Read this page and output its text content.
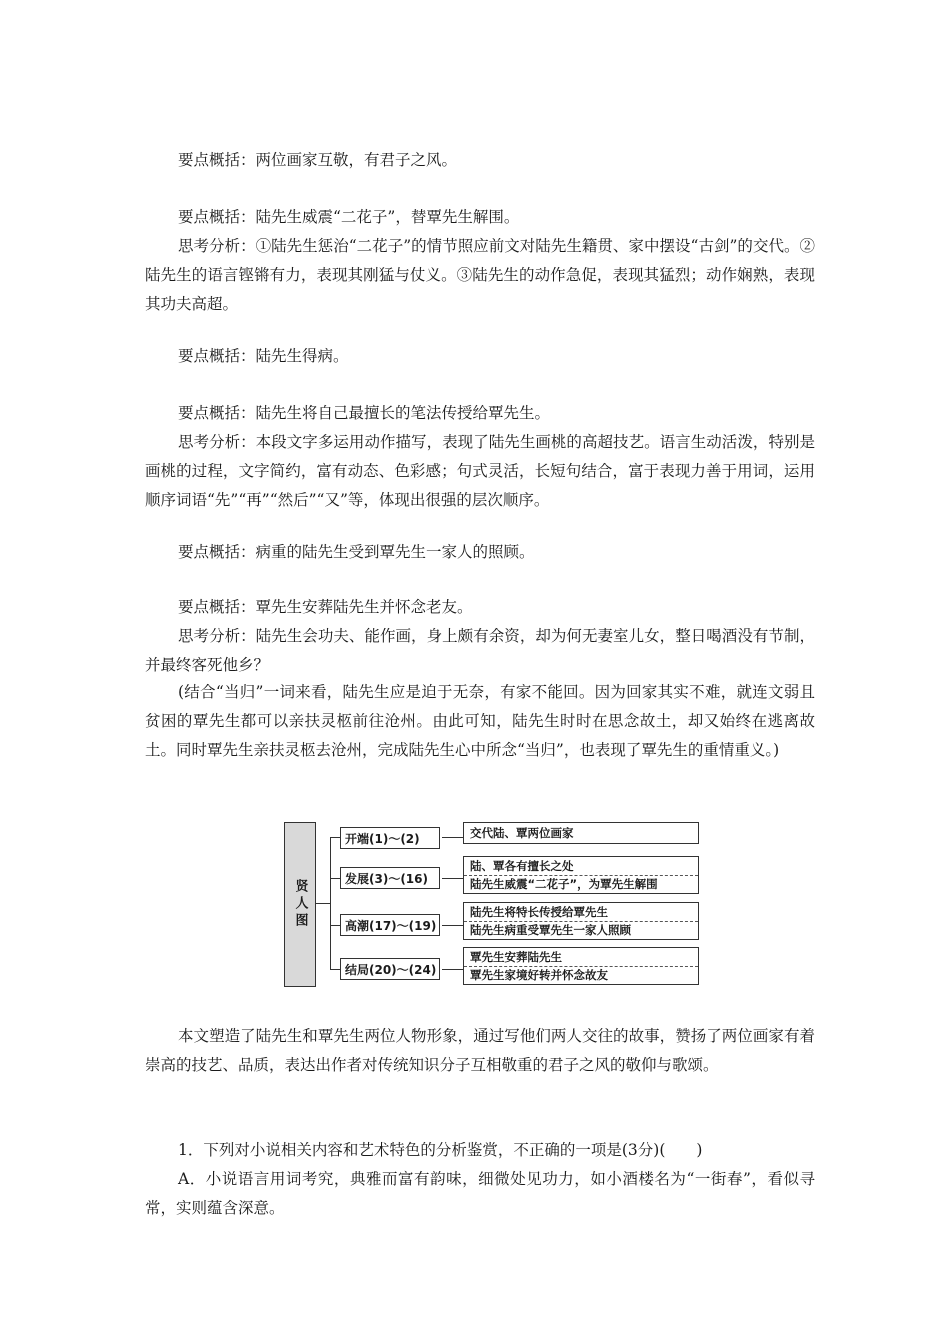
要点概括：两位画家互敬，有君子之风。

要点概括：陆先生威震“二花子”，替覃先生解围。

思考分析：①陆先生惩治“二花子”的情节照应前文对陆先生籍贯、家中摆设“古剑”的交代。②陆先生的语言铿锵有力，表现其刚猛与仗义。③陆先生的动作急促，表现其猛烈；动作娴熟，表现其功夫高超。

要点概括：陆先生得病。

要点概括：陆先生将自己最擅长的笔法传授给覃先生。

思考分析：本段文字多运用动作描写，表现了陆先生画桃的高超技艺。语言生动活泼，特别是画桃的过程，文字简约，富有动态、色彩感；句式灵活，长短句结合，富于表现力善于用词，运用顺序词语“先”“再”“然后”“又”等，体现出很强的层次顺序。

要点概括：病重的陆先生受到覃先生一家人的照顾。

要点概括：覃先生安葬陆先生并怀念老友。

思考分析：陆先生会功夫、能作画，身上颇有余资，却为何无妻室儿女，整日喝酒没有节制，并最终客死他乡？

(结合“当归”一词来看，陆先生应是迫于无奈，有家不能回。因为回家其实不难，就连文弱且贫困的覃先生都可以亲扶灵柩前往沧州。由此可知，陆先生时时在思念故土，却又始终在逃离故土。同时覃先生亲扶灵柩去沧州，完成陆先生心中所念“当归”，也表现了覃先生的重情重义。)

贤人图
开端(1)～(2)	交代陆、覃两位画家
发展(3)～(16)
陆、覃各有擅长之处
陆先生威震“二花子”，为覃先生解围
高潮(17)～(19)
陆先生将特长传授给覃先生
陆先生病重受覃先生一家人照顾
结局(20)～(24)
覃先生安葬陆先生
覃先生家境好转并怀念故友

本文塑造了陆先生和覃先生两位人物形象，通过写他们两人交往的故事，赞扬了两位画家有着崇高的技艺、品质，表达出作者对传统知识分子互相敬重的君子之风的敬仰与歌颂。

1．下列对小说相关内容和艺术特色的分析鉴赏，不正确的一项是(3分)(　　)

A．小说语言用词考究，典雅而富有韵味，细微处见功力，如小酒楼名为“一街春”，看似寻常，实则蕴含深意。
